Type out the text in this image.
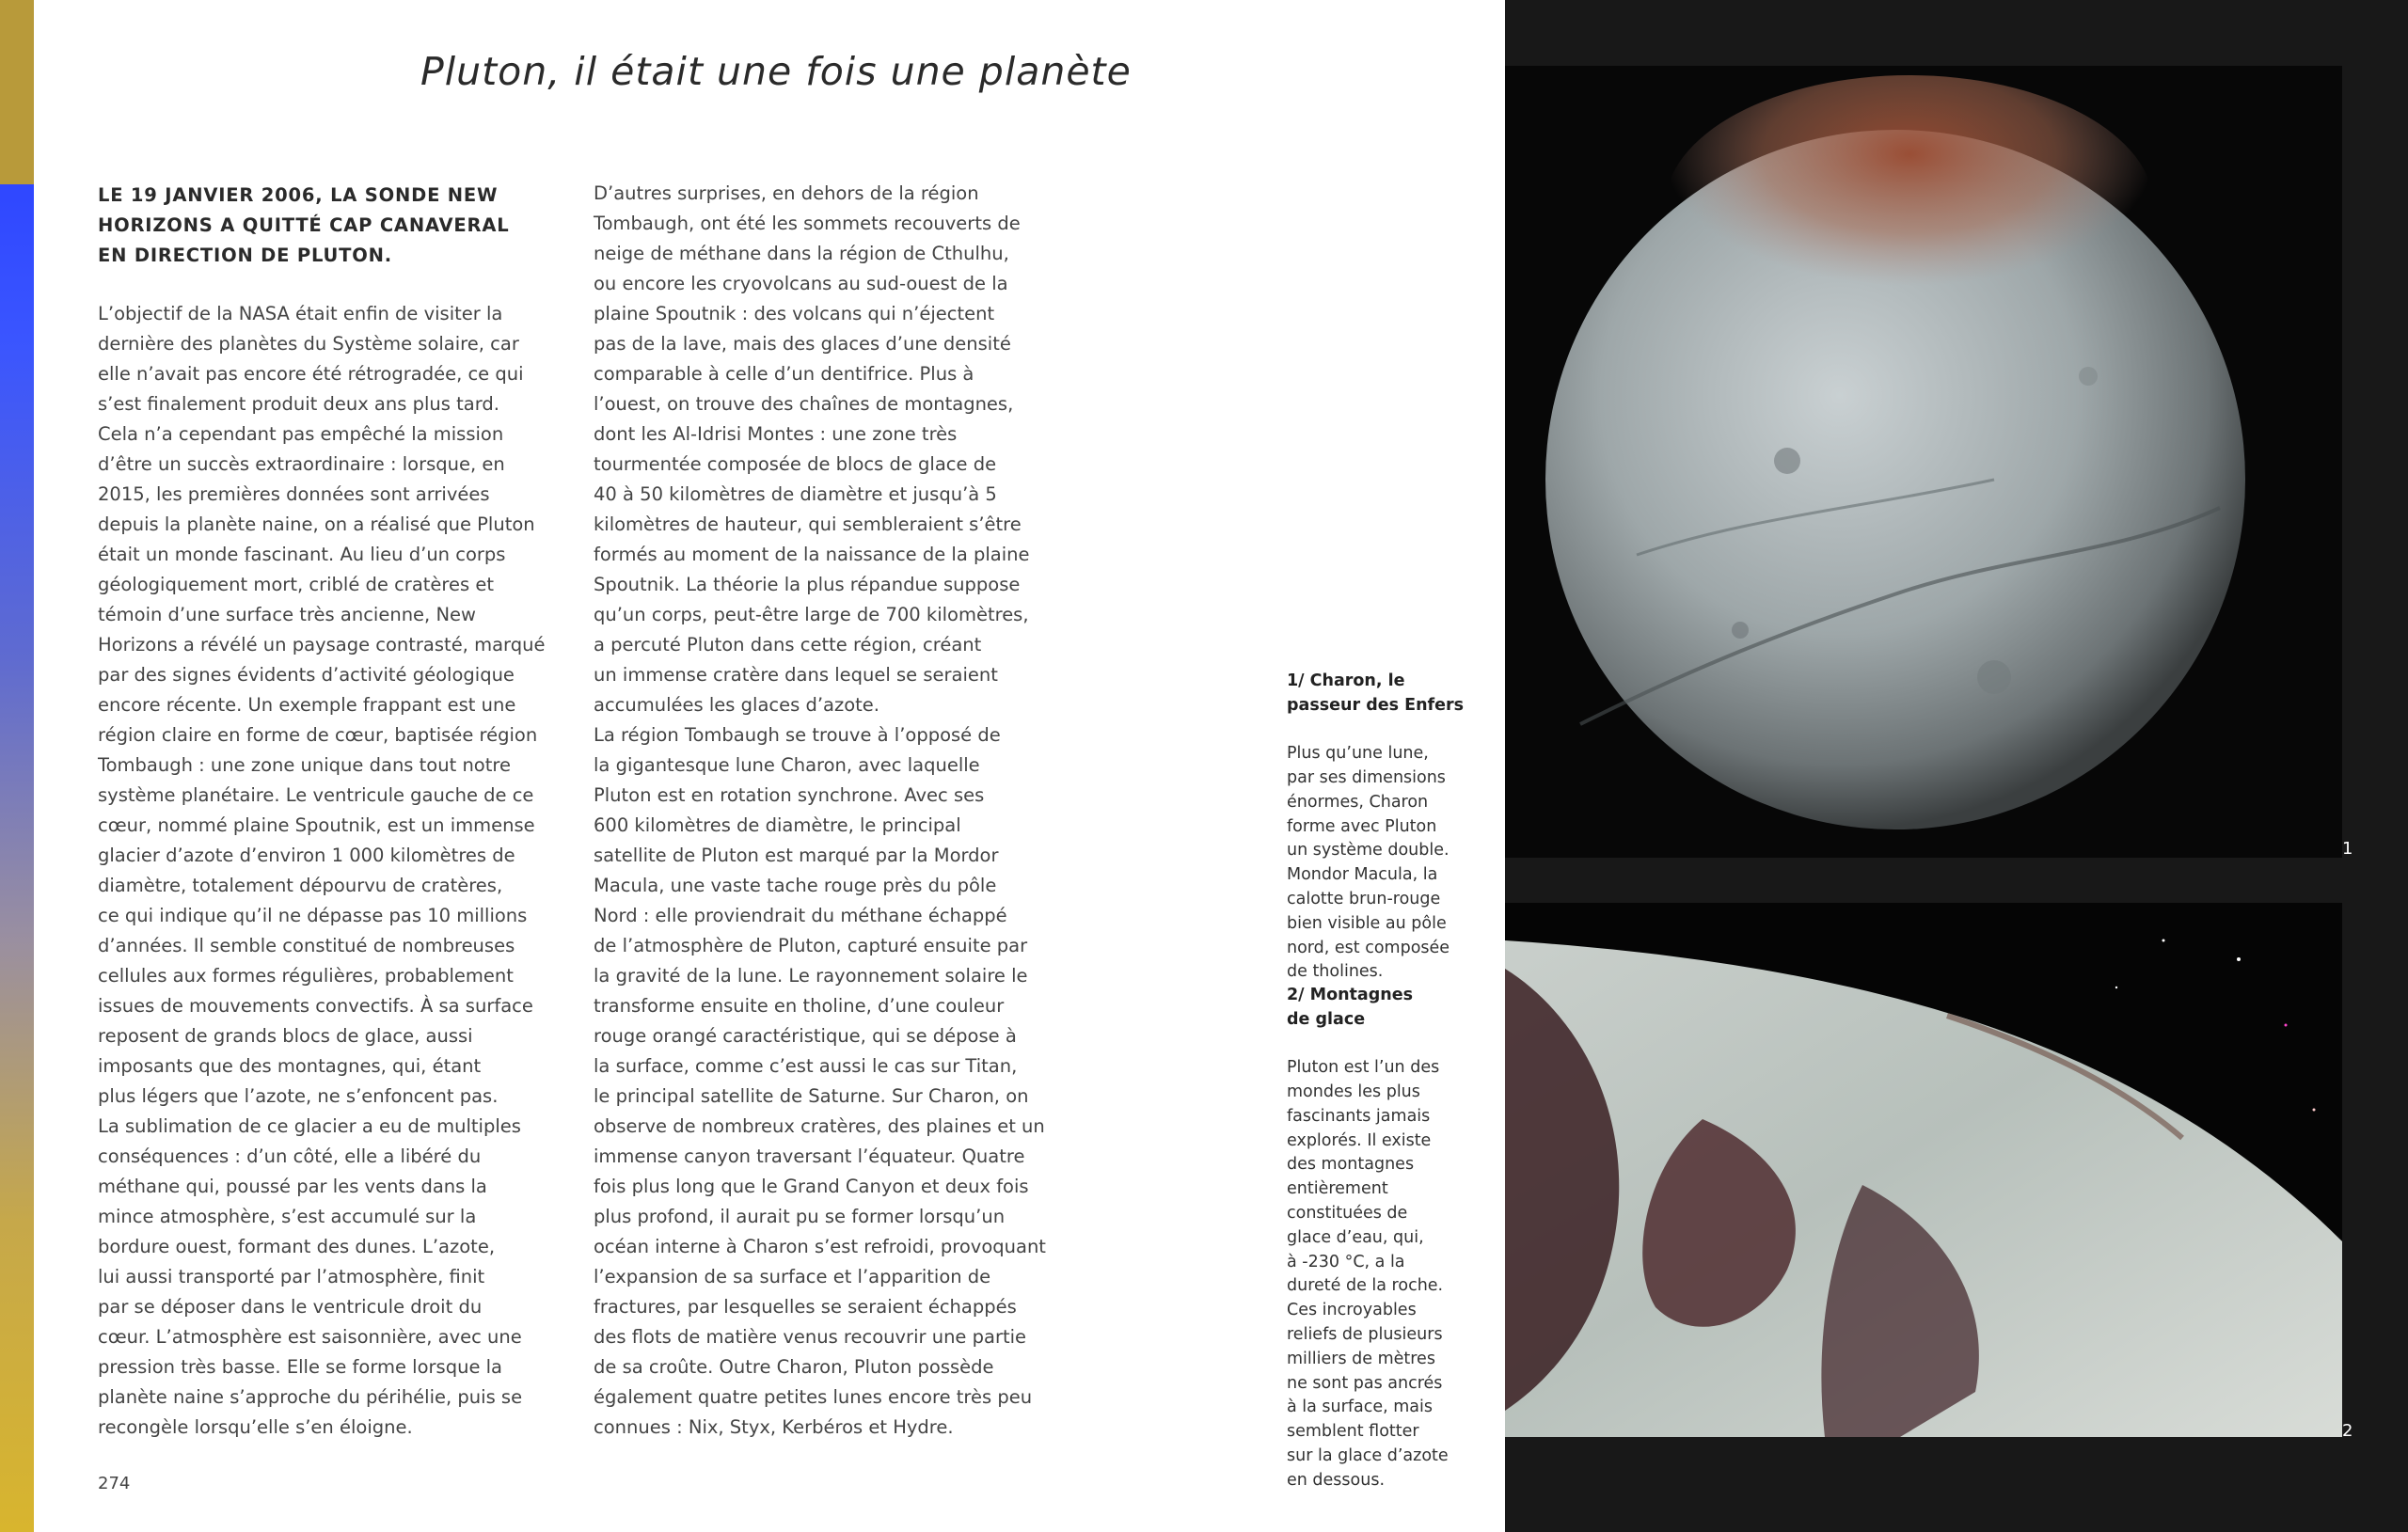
Pluton, il était une fois une planète
LE 19 JANVIER 2006, LA SONDE NEW
HORIZONS A QUITTÉ CAP CANAVERAL
EN DIRECTION DE PLUTON.
L’objectif de la NASA était enfin de visiter la
dernière des planètes du Système solaire, car
elle n’avait pas encore été rétrogradée, ce qui
s’est finalement produit deux ans plus tard.
Cela n’a cependant pas empêché la mission
d’être un succès extraordinaire : lorsque, en
2015, les premières données sont arrivées
depuis la planète naine, on a réalisé que Pluton
était un monde fascinant. Au lieu d’un corps
géologiquement mort, criblé de cratères et
témoin d’une surface très ancienne, New
Horizons a révélé un paysage contrasté, marqué
par des signes évidents d’activité géologique
encore récente. Un exemple frappant est une
région claire en forme de cœur, baptisée région
Tombaugh : une zone unique dans tout notre
système planétaire. Le ventricule gauche de ce
cœur, nommé plaine Spoutnik, est un immense
glacier d’azote d’environ 1 000 kilomètres de
diamètre, totalement dépourvu de cratères,
ce qui indique qu’il ne dépasse pas 10 millions
d’années. Il semble constitué de nombreuses
cellules aux formes régulières, probablement
issues de mouvements convectifs. À sa surface
reposent de grands blocs de glace, aussi
imposants que des montagnes, qui, étant
plus légers que l’azote, ne s’enfoncent pas.
La sublimation de ce glacier a eu de multiples
conséquences : d’un côté, elle a libéré du
méthane qui, poussé par les vents dans la
mince atmosphère, s’est accumulé sur la
bordure ouest, formant des dunes. L’azote,
lui aussi transporté par l’atmosphère, finit
par se déposer dans le ventricule droit du
cœur. L’atmosphère est saisonnière, avec une
pression très basse. Elle se forme lorsque la
planète naine s’approche du périhélie, puis se
recongèle lorsqu’elle s’en éloigne.
D’autres surprises, en dehors de la région
Tombaugh, ont été les sommets recouverts de
neige de méthane dans la région de Cthulhu,
ou encore les cryovolcans au sud-ouest de la
plaine Spoutnik : des volcans qui n’éjectent
pas de la lave, mais des glaces d’une densité
comparable à celle d’un dentifrice. Plus à
l’ouest, on trouve des chaînes de montagnes,
dont les Al-Idrisi Montes : une zone très
tourmentée composée de blocs de glace de
40 à 50 kilomètres de diamètre et jusqu’à 5
kilomètres de hauteur, qui sembleraient s’être
formés au moment de la naissance de la plaine
Spoutnik. La théorie la plus répandue suppose
qu’un corps, peut-être large de 700 kilomètres,
a percuté Pluton dans cette région, créant
un immense cratère dans lequel se seraient
accumulées les glaces d’azote.
La région Tombaugh se trouve à l’opposé de
la gigantesque lune Charon, avec laquelle
Pluton est en rotation synchrone. Avec ses
600 kilomètres de diamètre, le principal
satellite de Pluton est marqué par la Mordor
Macula, une vaste tache rouge près du pôle
Nord : elle proviendrait du méthane échappé
de l’atmosphère de Pluton, capturé ensuite par
la gravité de la lune. Le rayonnement solaire le
transforme ensuite en tholine, d’une couleur
rouge orangé caractéristique, qui se dépose à
la surface, comme c’est aussi le cas sur Titan,
le principal satellite de Saturne. Sur Charon, on
observe de nombreux cratères, des plaines et un
immense canyon traversant l’équateur. Quatre
fois plus long que le Grand Canyon et deux fois
plus profond, il aurait pu se former lorsqu’un
océan interne à Charon s’est refroidi, provoquant
l’expansion de sa surface et l’apparition de
fractures, par lesquelles se seraient échappés
des flots de matière venus recouvrir une partie
de sa croûte. Outre Charon, Pluton possède
également quatre petites lunes encore très peu
connues : Nix, Styx, Kerbéros et Hydre.
274

1/ Charon, le
passeur des Enfers

Plus qu’une lune,
par ses dimensions
énormes, Charon
forme avec Pluton
un système double.
Mondor Macula, la
calotte brun-rouge
bien visible au pôle
nord, est composée
de tholines.

2/ Montagnes
de glace

Pluton est l’un des
mondes les plus
fascinants jamais
explorés. Il existe
des montagnes
entièrement
constituées de
glace d’eau, qui,
à -230 °C, a la
dureté de la roche.
Ces incroyables
reliefs de plusieurs
milliers de mètres
ne sont pas ancrés
à la surface, mais
semblent flotter
sur la glace d’azote
en dessous.

1
2
